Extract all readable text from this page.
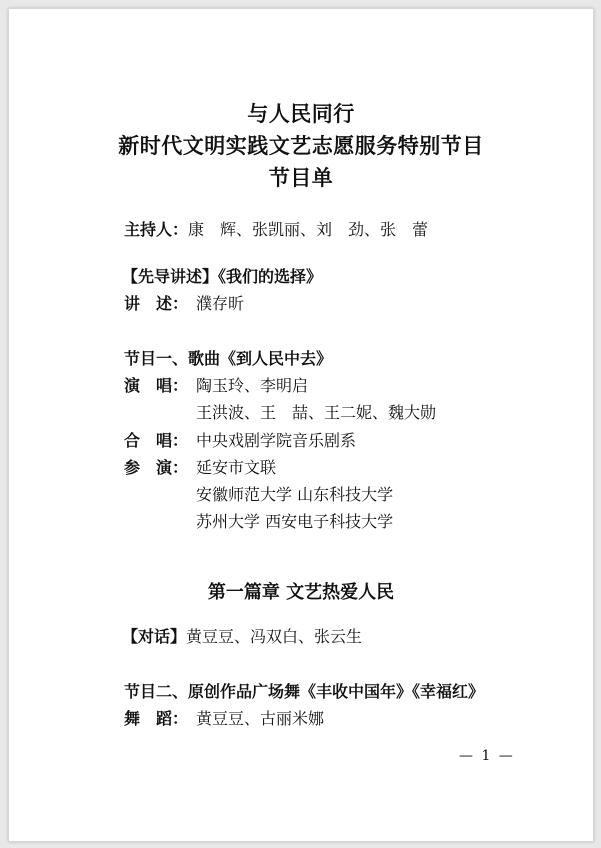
与人民同行
新时代文明实践文艺志愿服务特别节目
节目单
主持人：康　辉、张凯丽、刘　劲、张　蕾
【先导讲述】《我们的选择》
讲　述： 濮存昕
节目一、歌曲《到人民中去》
演　唱： 陶玉玲、李明启
王洪波、王　喆、王二妮、魏大勋
合　唱： 中央戏剧学院音乐剧系
参　演： 延安市文联
安徽师范大学 山东科技大学
苏州大学 西安电子科技大学
第一篇章 文艺热爱人民
【对话】黄豆豆、冯双白、张云生
节目二、原创作品广场舞《丰收中国年》《幸福红》
舞　蹈： 黄豆豆、古丽米娜
— 1 —
